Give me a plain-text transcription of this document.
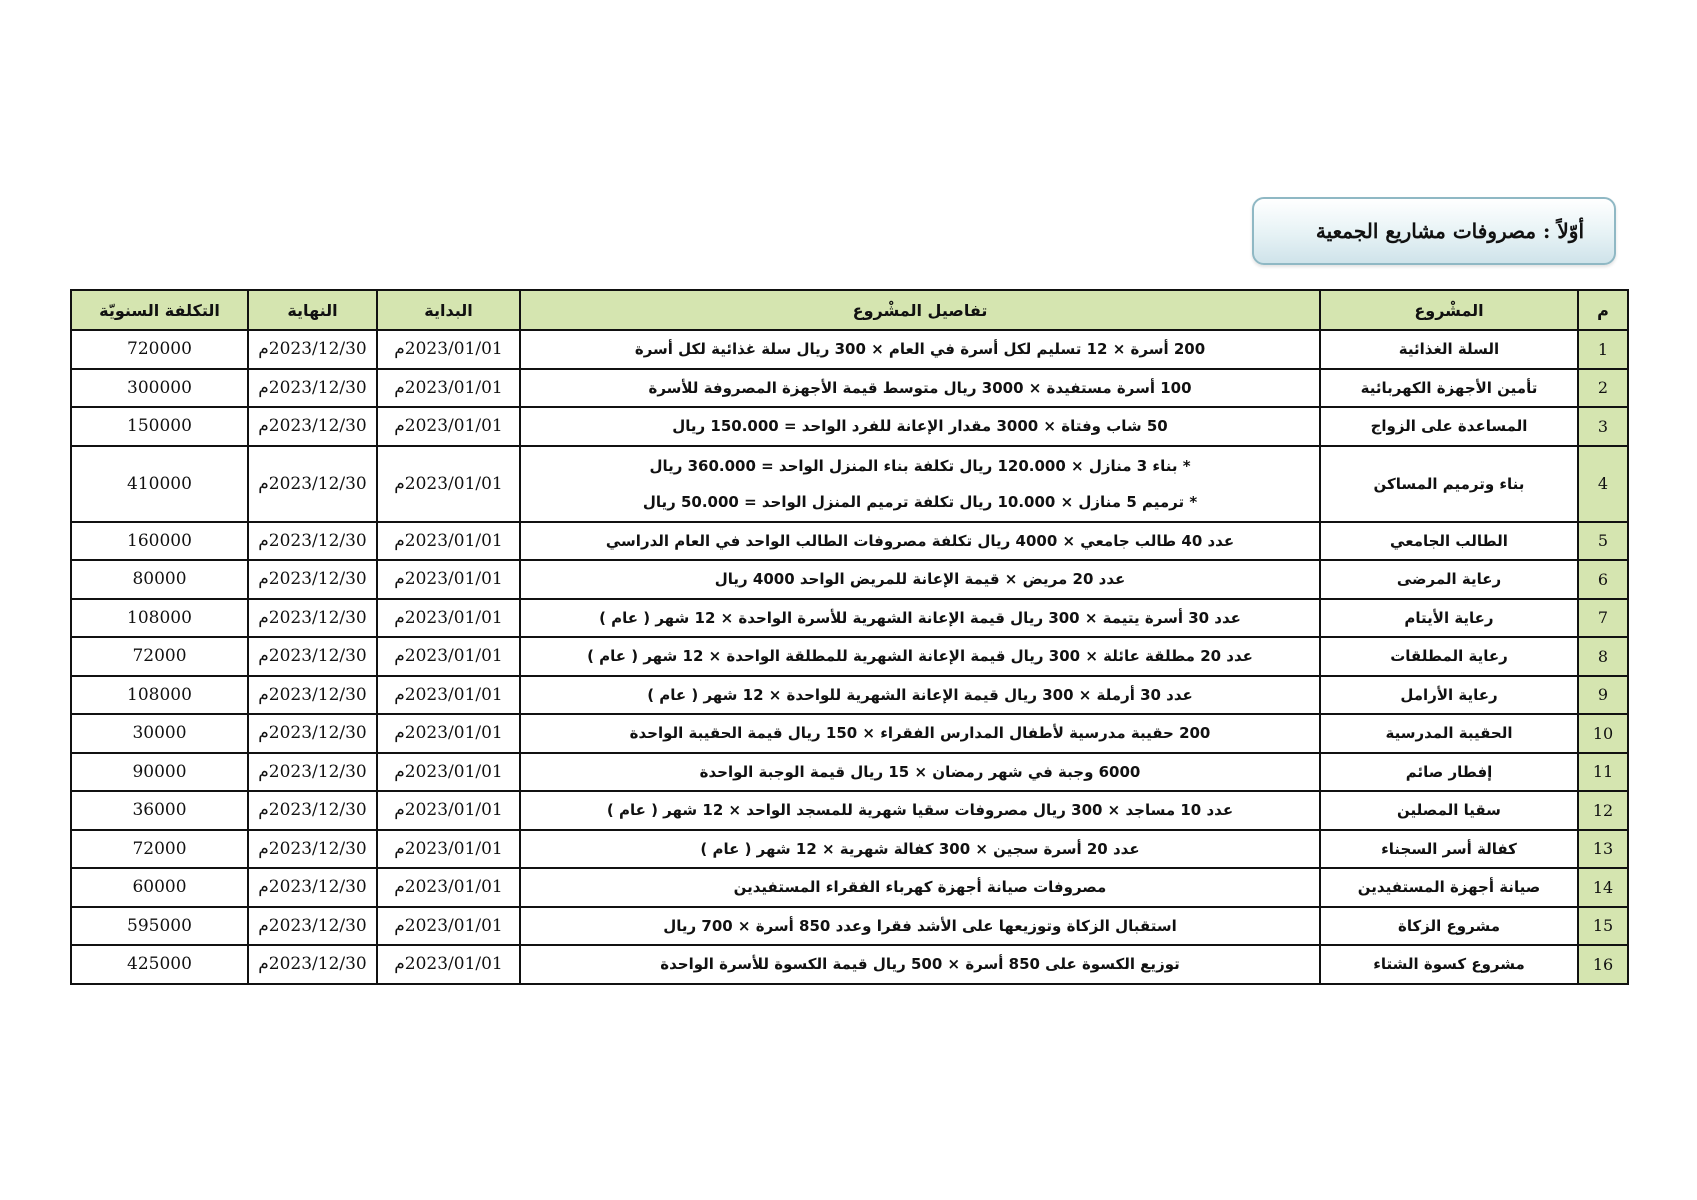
أوّلاً : مصروفات مشاريع الجمعية
م	المشْروع	تفاصيل المشْروع	البداية	النهاية	التكلفة السنويّة
1	السلة الغذائية	200 أسرة × 12 تسليم لكل أسرة في العام × 300 ريال سلة غذائية لكل أسرة	2023/01/01م	2023/12/30م	720000
2	تأمين الأجهزة الكهربائية	100 أسرة مستفيدة × 3000 ريال متوسط قيمة الأجهزة المصروفة للأسرة	2023/01/01م	2023/12/30م	300000
3	المساعدة على الزواج	50 شاب وفتاة × 3000 مقدار الإعانة للفرد الواحد = 150.000 ريال	2023/01/01م	2023/12/30م	150000
4	بناء وترميم المساكن	* بناء 3 منازل × 120.000 ريال تكلفة بناء المنزل الواحد = 360.000 ريال
* ترميم 5 منازل × 10.000 ريال تكلفة ترميم المنزل الواحد = 50.000 ريال	2023/01/01م	2023/12/30م	410000
5	الطالب الجامعي	عدد 40 طالب جامعي × 4000 ريال تكلفة مصروفات الطالب الواحد في العام الدراسي	2023/01/01م	2023/12/30م	160000
6	رعاية المرضى	عدد 20 مريض × قيمة الإعانة للمريض الواحد 4000 ريال	2023/01/01م	2023/12/30م	80000
7	رعاية الأيتام	عدد 30 أسرة يتيمة × 300 ريال قيمة الإعانة الشهرية للأسرة الواحدة × 12 شهر ( عام )	2023/01/01م	2023/12/30م	108000
8	رعاية المطلقات	عدد 20 مطلقة عائلة × 300 ريال قيمة الإعانة الشهرية للمطلقة الواحدة × 12 شهر ( عام )	2023/01/01م	2023/12/30م	72000
9	رعاية الأرامل	عدد 30 أرملة × 300 ريال قيمة الإعانة الشهرية للواحدة × 12 شهر ( عام )	2023/01/01م	2023/12/30م	108000
10	الحقيبة المدرسية	200 حقيبة مدرسية لأطفال المدارس الفقراء × 150 ريال قيمة الحقيبة الواحدة	2023/01/01م	2023/12/30م	30000
11	إفطار صائم	6000 وجبة في شهر رمضان × 15 ريال قيمة الوجبة الواحدة	2023/01/01م	2023/12/30م	90000
12	سقيا المصلين	عدد 10 مساجد × 300 ريال مصروفات سقيا شهرية للمسجد الواحد × 12 شهر ( عام )	2023/01/01م	2023/12/30م	36000
13	كفالة أسر السجناء	عدد 20 أسرة سجين × 300 كفالة شهرية × 12 شهر ( عام )	2023/01/01م	2023/12/30م	72000
14	صيانة أجهزة المستفيدين	مصروفات صيانة أجهزة كهرباء الفقراء المستفيدين	2023/01/01م	2023/12/30م	60000
15	مشروع الزكاة	استقبال الزكاة وتوزيعها على الأشد فقرا وعدد 850 أسرة × 700 ريال	2023/01/01م	2023/12/30م	595000
16	مشروع كسوة الشتاء	توزيع الكسوة على 850 أسرة × 500 ريال قيمة الكسوة للأسرة الواحدة	2023/01/01م	2023/12/30م	425000
